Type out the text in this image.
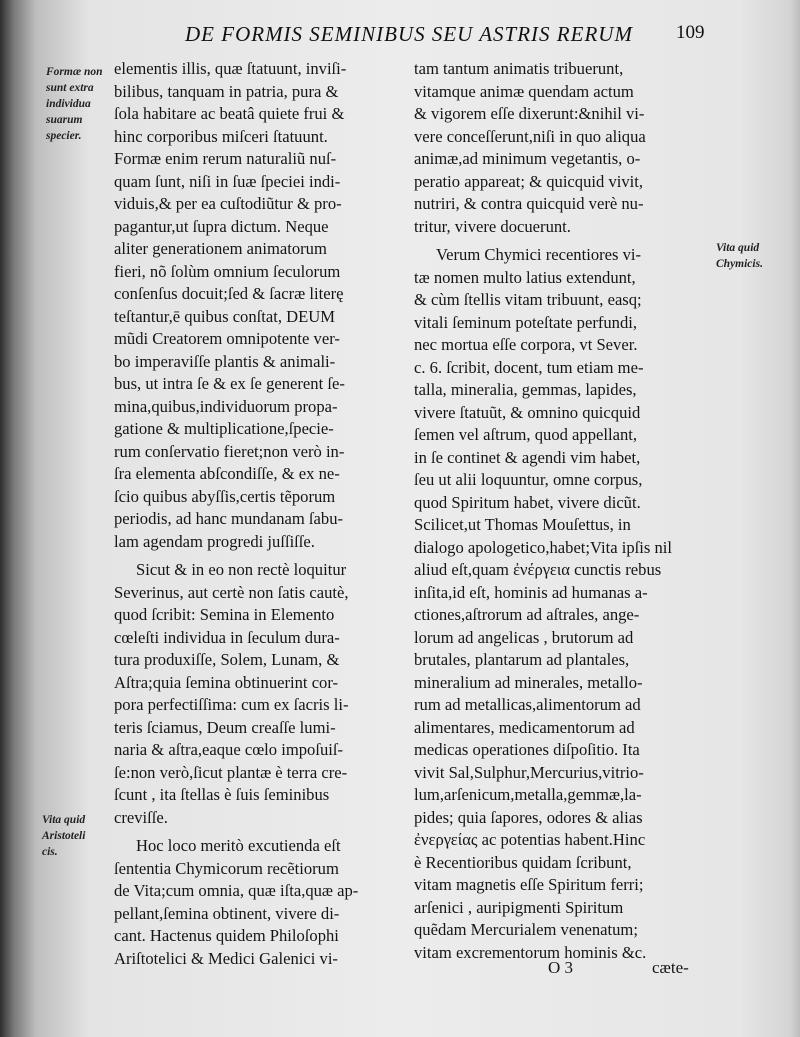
DE FORMIS SEMINIBUS SEU ASTRIS RERUM 109
Formæ non
sunt extra
individua
suarum
specier.
Vita quid
Aristoteli
cis.
Vita quid
Chymicis.
elementis illis, quæ ſtatuunt, inviſi-
bilibus, tanquam in patria, pura &
ſola habitare ac beatâ quiete frui &
hinc corporibus miſceri ſtatuunt.
Formæ enim rerum naturaliũ nuſ-
quam ſunt, niſi in ſuæ ſpeciei indi-
viduis,& per ea cuſtodiũtur & pro-
pagantur,ut ſupra dictum. Neque
aliter generationem animatorum
fieri, nõ ſolùm omnium ſeculorum
conſenſus docuit;ſed & ſacræ literę
teſtantur,ē quibus conſtat, DEUM
mũdi Creatorem omnipotente ver-
bo imperaviſſe plantis & animali-
bus, ut intra ſe & ex ſe generent ſe-
mina,quibus,individuorum propa-
gatione & multiplicatione,ſpecie-
rum conſervatio fieret;non verò in-
ſra elementa abſcondiſſe, & ex ne-
ſcio quibus abyſſis,certis tẽporum
periodis, ad hanc mundanam ſabu-
lam agendam progredi juſſiſſe.
Sicut & in eo non rectè loquitur
Severinus, aut certè non ſatis cautè,
quod ſcribit: Semina in Elemento
cœleſti individua in ſeculum dura-
tura produxiſſe, Solem, Lunam, &
Aſtra;quia ſemina obtinuerint cor-
pora perfectiſſima: cum ex ſacris li-
teris ſciamus, Deum creaſſe lumi-
naria & aſtra,eaque cœlo impoſuiſ-
ſe:non verò,ſicut plantæ è terra cre-
ſcunt , ita ſtellas è ſuis ſeminibus
creviſſe.
Hoc loco meritò excutienda eſt
ſententia Chymicorum recẽtiorum
de Vita;cum omnia, quæ iſta,quæ ap-
pellant,ſemina obtinent, vivere di-
cant. Hactenus quidem Philoſophi
Ariſtotelici & Medici Galenici vi-
tam tantum animatis tribuerunt,
vitamque animæ quendam actum
& vigorem eſſe dixerunt:&nihil vi-
vere conceſſerunt,niſi in quo aliqua
animæ,ad minimum vegetantis, o-
peratio appareat; & quicquid vivit,
nutriri, & contra quicquid verè nu-
tritur, vivere docuerunt.
Verum Chymici recentiores vi-
tæ nomen multo latius extendunt,
& cùm ſtellis vitam tribuunt, easq;
vitali ſeminum poteſtate perfundi,
nec mortua eſſe corpora, vt Sever.
c. 6. ſcribit, docent, tum etiam me-
talla, mineralia, gemmas, lapides,
vivere ſtatuũt, & omnino quicquid
ſemen vel aſtrum, quod appellant,
in ſe continet & agendi vim habet,
ſeu ut alii loquuntur, omne corpus,
quod Spiritum habet, vivere dicũt.
Scilicet,ut Thomas Mouſettus, in
dialogo apologetico,habet;Vita ipſis nil
aliud eſt,quam ἐνέργεια cunctis rebus
inſita,id eſt, hominis ad humanas a-
ctiones,aſtrorum ad aſtrales, ange-
lorum ad angelicas , brutorum ad
brutales, plantarum ad plantales,
mineralium ad minerales, metallo-
rum ad metallicas,alimentorum ad
alimentares, medicamentorum ad
medicas operationes diſpoſitio. Ita
vivit Sal,Sulphur,Mercurius,vitrio-
lum,arſenicum,metalla,gemmæ,la-
pides; quia ſapores, odores & alias
ἐνεργείας ac potentias habent.Hinc
è Recentioribus quidam ſcribunt,
vitam magnetis eſſe Spiritum ferri;
arſenici , auripigmenti Spiritum
quẽdam Mercurialem venenatum;
vitam excrementorum hominis &c.
O 3	cæte-
